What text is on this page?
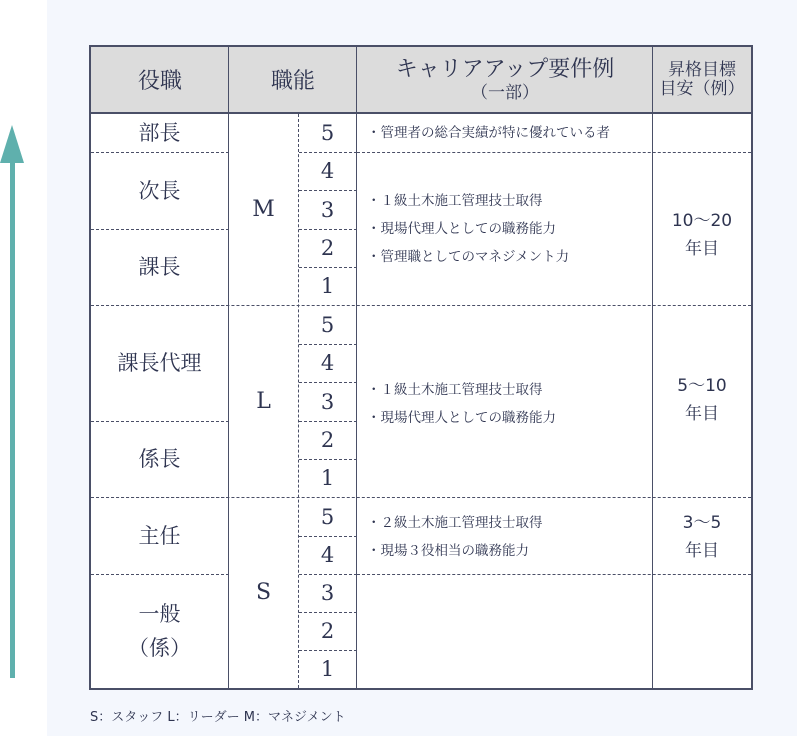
役職	職能	キャリアアップ要件例
（一部）
昇格目標
目安（例）
部長
次長
課長
課長代理
係長
主任
一般
（係）
M
L
S
5
4
3
2
1
5
4
3
2
1
5
4
3
2
1
・管理者の総合実績が特に優れている者
・１級土木施工管理技士取得
・現場代理人としての職務能力
・管理職としてのマネジメント力
・１級土木施工管理技士取得
・現場代理人としての職務能力
・２級土木施工管理技士取得
・現場３役相当の職務能力
10〜20
年目
5〜10
年目
3〜5
年目
S：スタッフ L：リーダー M：マネジメント
